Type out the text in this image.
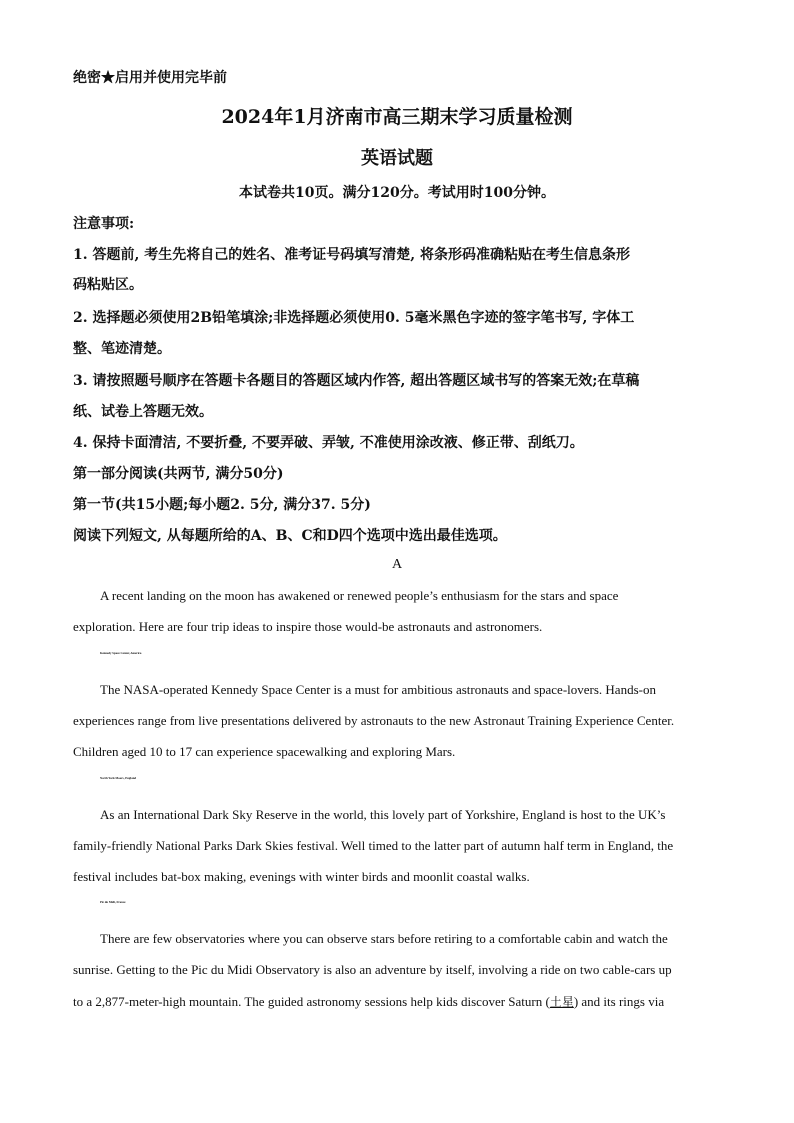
绝密★启用并使用完毕前
2024年1月济南市高三期末学习质量检测
英语试题
本试卷共10页。满分120分。考试用时100分钟。
注意事项:
1. 答题前, 考生先将自己的姓名、准考证号码填写清楚, 将条形码准确粘贴在考生信息条形
码粘贴区。
2. 选择题必须使用2B铅笔填涂;非选择题必须使用0. 5毫米黑色字迹的签字笔书写, 字体工
整、笔迹清楚。
3. 请按照题号顺序在答题卡各题目的答题区域内作答, 超出答题区域书写的答案无效;在草稿
纸、试卷上答题无效。
4. 保持卡面清洁, 不要折叠, 不要弄破、弄皱, 不准使用涂改液、修正带、刮纸刀。
第一部分阅读(共两节, 满分50分)
第一节(共15小题;每小题2. 5分, 满分37. 5分)
阅读下列短文, 从每题所给的A、B、C和D四个选项中选出最佳选项。
A
A recent landing on the moon has awakened or renewed people’s enthusiasm for the stars and space
exploration. Here are four trip ideas to inspire those would-be astronauts and astronomers.
Kennedy Space Center, America
The NASA-operated Kennedy Space Center is a must for ambitious astronauts and space-lovers. Hands-on
experiences range from live presentations delivered by astronauts to the new Astronaut Training Experience Center.
Children aged 10 to 17 can experience spacewalking and exploring Mars.
North York Moors, England
As an International Dark Sky Reserve in the world, this lovely part of Yorkshire, England is host to the UK’s
family-friendly National Parks Dark Skies festival. Well timed to the latter part of autumn half term in England, the
festival includes bat-box making, evenings with winter birds and moonlit coastal walks.
Pic du Midi, France
There are few observatories where you can observe stars before retiring to a comfortable cabin and watch the
sunrise. Getting to the Pic du Midi Observatory is also an adventure by itself, involving a ride on two cable-cars up
to a 2,877-meter-high mountain. The guided astronomy sessions help kids discover Saturn (土星) and its rings via
